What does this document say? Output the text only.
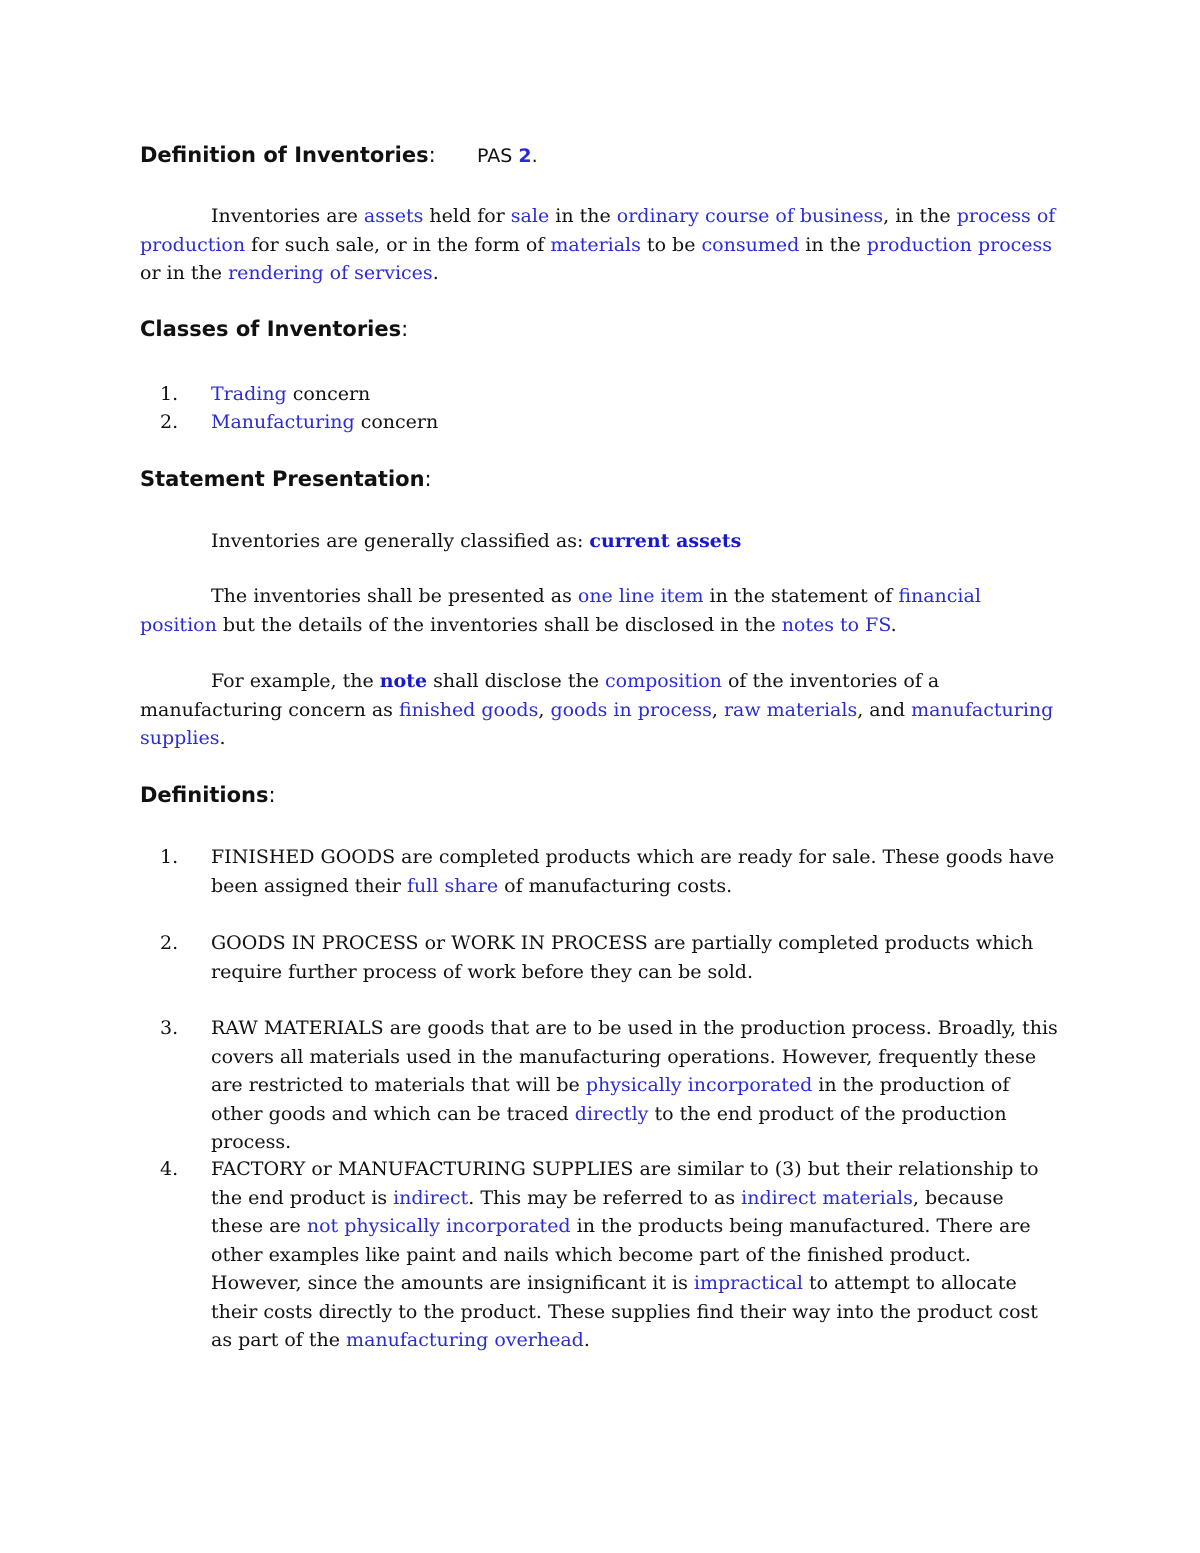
Definition of Inventories: PAS 2.
Inventories are assets held for sale in the ordinary course of business, in the process of production for such sale, or in the form of materials to be consumed in the production process or in the rendering of services.
Classes of Inventories:
1. Trading concern
2. Manufacturing concern
Statement Presentation:
Inventories are generally classified as: current assets
The inventories shall be presented as one line item in the statement of financial position but the details of the inventories shall be disclosed in the notes to FS.
For example, the note shall disclose the composition of the inventories of a manufacturing concern as finished goods, goods in process, raw materials, and manufacturing supplies.
Definitions:
1. FINISHED GOODS are completed products which are ready for sale. These goods have been assigned their full share of manufacturing costs.
2. GOODS IN PROCESS or WORK IN PROCESS are partially completed products which require further process of work before they can be sold.
3. RAW MATERIALS are goods that are to be used in the production process. Broadly, this covers all materials used in the manufacturing operations. However, frequently these are restricted to materials that will be physically incorporated in the production of other goods and which can be traced directly to the end product of the production process.
4. FACTORY or MANUFACTURING SUPPLIES are similar to (3) but their relationship to the end product is indirect. This may be referred to as indirect materials, because these are not physically incorporated in the products being manufactured. There are other examples like paint and nails which become part of the finished product. However, since the amounts are insignificant it is impractical to attempt to allocate their costs directly to the product. These supplies find their way into the product cost as part of the manufacturing overhead.
